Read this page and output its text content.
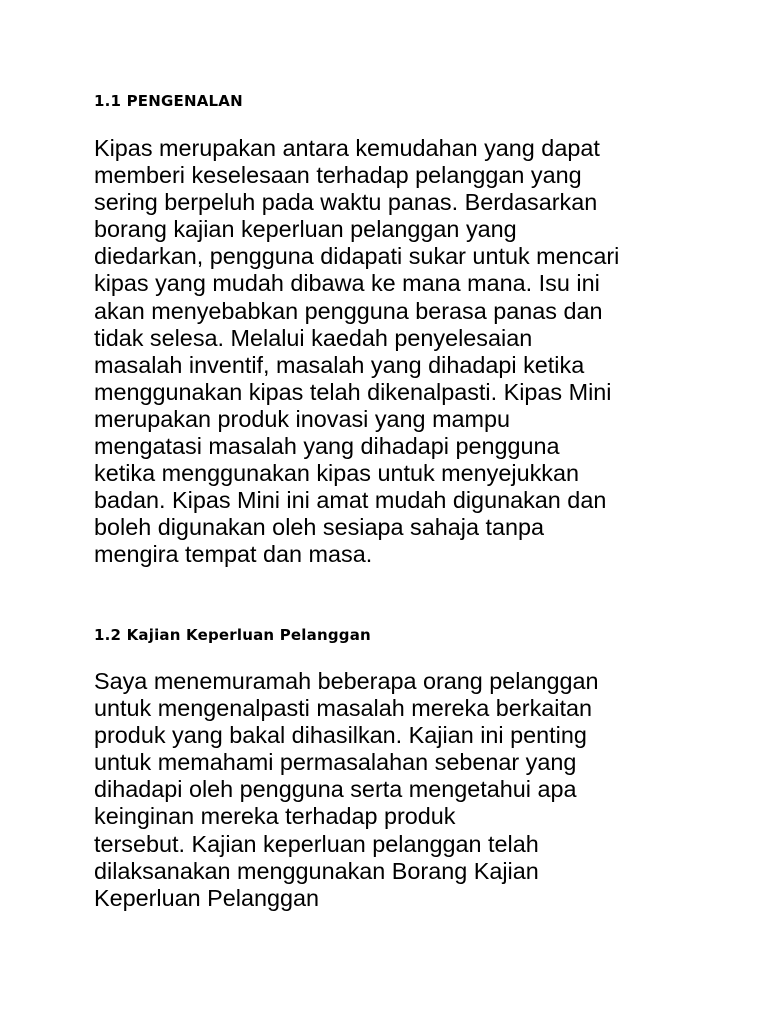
1.1 PENGENALAN
Kipas merupakan antara kemudahan yang dapat
memberi keselesaan terhadap pelanggan yang
sering berpeluh pada waktu panas. Berdasarkan
borang kajian keperluan pelanggan yang
diedarkan, pengguna didapati sukar untuk mencari
kipas yang mudah dibawa ke mana mana. Isu ini
akan menyebabkan pengguna berasa panas dan
tidak selesa. Melalui kaedah penyelesaian
masalah inventif, masalah yang dihadapi ketika
menggunakan kipas telah dikenalpasti. Kipas Mini
merupakan produk inovasi yang mampu
mengatasi masalah yang dihadapi pengguna
ketika menggunakan kipas untuk menyejukkan
badan. Kipas Mini ini amat mudah digunakan dan
boleh digunakan oleh sesiapa sahaja tanpa
mengira tempat dan masa.
1.2 Kajian Keperluan Pelanggan
Saya menemuramah beberapa orang pelanggan
untuk mengenalpasti masalah mereka berkaitan
produk yang bakal dihasilkan. Kajian ini penting
untuk memahami permasalahan sebenar yang
dihadapi oleh pengguna serta mengetahui apa
keinginan mereka terhadap produk
tersebut. Kajian keperluan pelanggan telah
dilaksanakan menggunakan Borang Kajian
Keperluan Pelanggan
